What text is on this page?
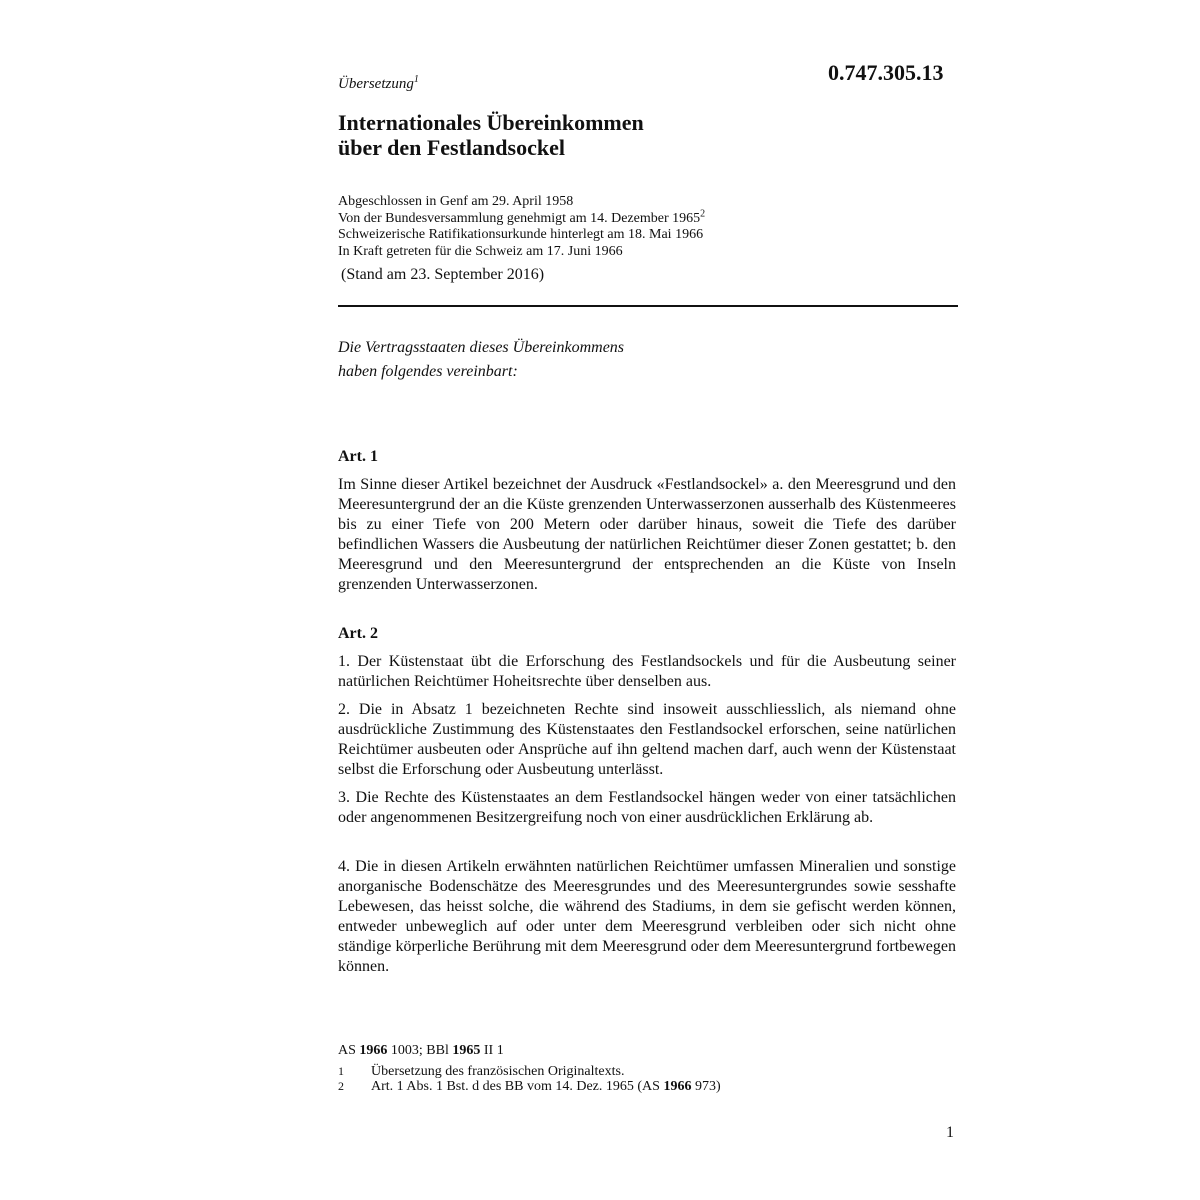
0.747.305.13
Übersetzung$^1$
Internationales Übereinkommen
über den Festlandsockel
Abgeschlossen in Genf am 29. April 1958
Von der Bundesversammlung genehmigt am 14. Dezember 1965$^2$
Schweizerische Ratifikationsurkunde hinterlegt am 18. Mai 1966
In Kraft getreten für die Schweiz am 17. Juni 1966
(Stand am 23. September 2016)
Die Vertragsstaaten dieses Übereinkommens
haben folgendes vereinbart:
Art. 1
Im Sinne dieser Artikel bezeichnet der Ausdruck «Festlandsockel» a. den Meeresgrund und den Meeresuntergrund der an die Küste grenzenden Unterwasserzonen ausserhalb des Küstenmeeres bis zu einer Tiefe von 200 Metern oder darüber hinaus, soweit die Tiefe des darüber befindlichen Wassers die Ausbeutung der natürlichen Reichtümer dieser Zonen gestattet; b. den Meeresgrund und den Meeresuntergrund der entsprechenden an die Küste von Inseln grenzenden Unterwasserzonen.
Art. 2
1. Der Küstenstaat übt die Erforschung des Festlandsockels und für die Ausbeutung seiner natürlichen Reichtümer Hoheitsrechte über denselben aus.
2. Die in Absatz 1 bezeichneten Rechte sind insoweit ausschliesslich, als niemand ohne ausdrückliche Zustimmung des Küstenstaates den Festlandsockel erforschen, seine natürlichen Reichtümer ausbeuten oder Ansprüche auf ihn geltend machen darf, auch wenn der Küstenstaat selbst die Erforschung oder Ausbeutung unterlässt.
3. Die Rechte des Küstenstaates an dem Festlandsockel hängen weder von einer tatsächlichen oder angenommenen Besitzergreifung noch von einer ausdrücklichen Erklärung ab.
4. Die in diesen Artikeln erwähnten natürlichen Reichtümer umfassen Mineralien und sonstige anorganische Bodenschätze des Meeresgrundes und des Meeresuntergrundes sowie sesshafte Lebewesen, das heisst solche, die während des Stadiums, in dem sie gefischt werden können, entweder unbeweglich auf oder unter dem Meeresgrund verbleiben oder sich nicht ohne ständige körperliche Berührung mit dem Meeresgrund oder dem Meeresuntergrund fortbewegen können.
AS 1966 1003; BBl 1965 II 1
1 Übersetzung des französischen Originaltexts.
2 Art. 1 Abs. 1 Bst. d des BB vom 14. Dez. 1965 (AS 1966 973)
1
